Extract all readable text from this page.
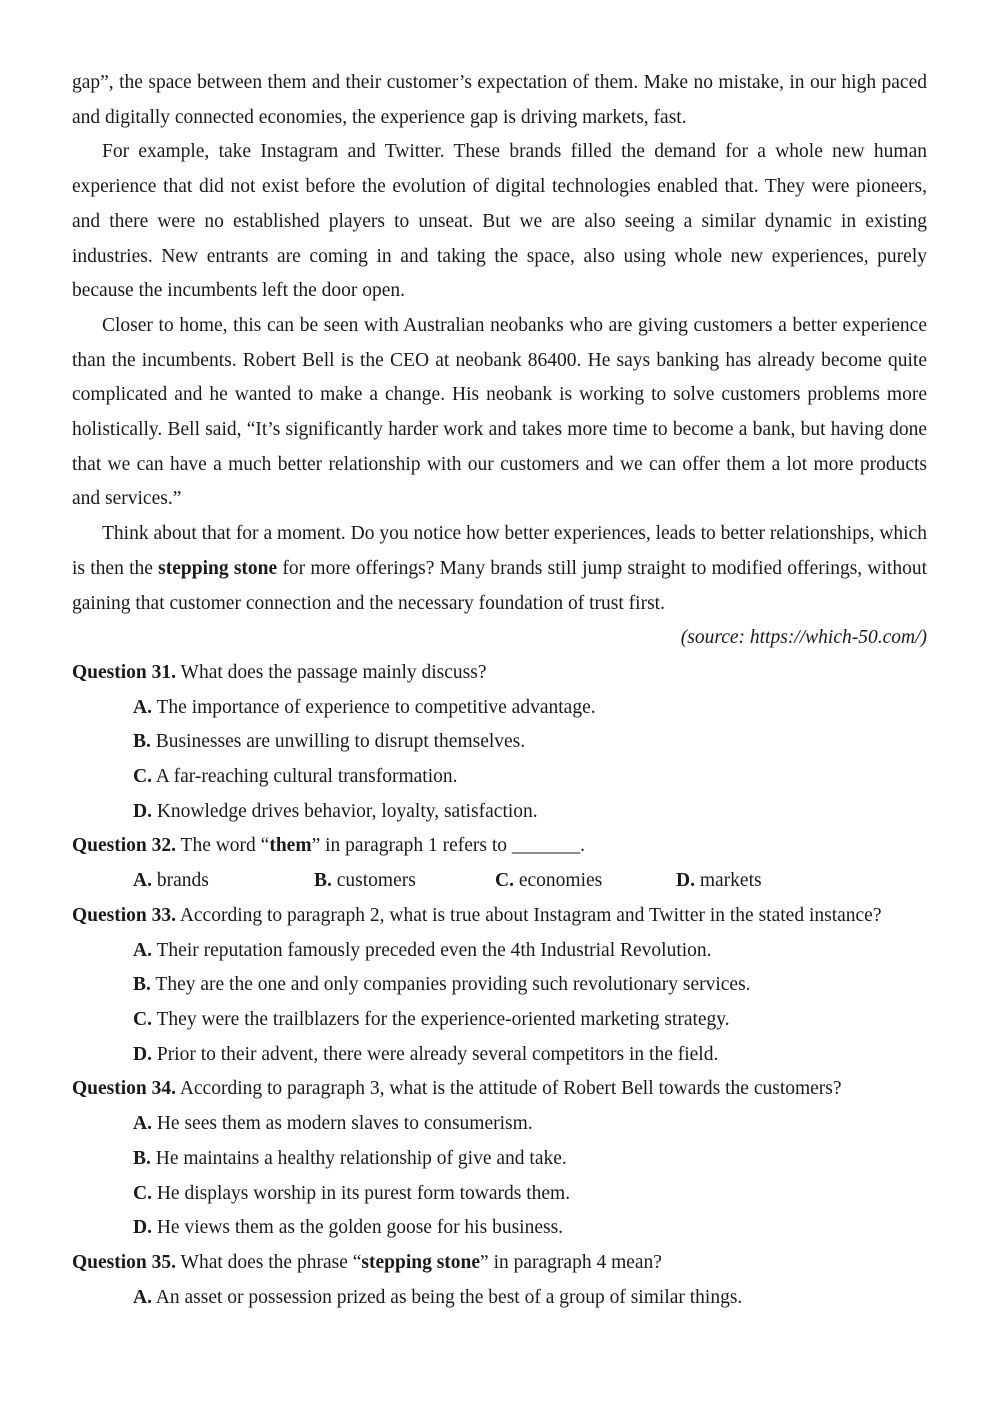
gap”, the space between them and their customer’s expectation of them. Make no mistake, in our high paced and digitally connected economies, the experience gap is driving markets, fast.

For example, take Instagram and Twitter. These brands filled the demand for a whole new human experience that did not exist before the evolution of digital technologies enabled that. They were pioneers, and there were no established players to unseat. But we are also seeing a similar dynamic in existing industries. New entrants are coming in and taking the space, also using whole new experiences, purely because the incumbents left the door open.

Closer to home, this can be seen with Australian neobanks who are giving customers a better experience than the incumbents. Robert Bell is the CEO at neobank 86400. He says banking has already become quite complicated and he wanted to make a change. His neobank is working to solve customers problems more holistically. Bell said, “It’s significantly harder work and takes more time to become a bank, but having done that we can have a much better relationship with our customers and we can offer them a lot more products and services.”

Think about that for a moment. Do you notice how better experiences, leads to better relationships, which is then the stepping stone for more offerings? Many brands still jump straight to modified offerings, without gaining that customer connection and the necessary foundation of trust first.

(source: https://which-50.com/)

Question 31. What does the passage mainly discuss?

A. The importance of experience to competitive advantage.

B. Businesses are unwilling to disrupt themselves.

C. A far-reaching cultural transformation.

D. Knowledge drives behavior, loyalty, satisfaction.

Question 32. The word “them” in paragraph 1 refers to _______.

A. brands	B. customers	C. economies	D. markets

Question 33. According to paragraph 2, what is true about Instagram and Twitter in the stated instance?

A. Their reputation famously preceded even the 4th Industrial Revolution.

B. They are the one and only companies providing such revolutionary services.

C. They were the trailblazers for the experience-oriented marketing strategy.

D. Prior to their advent, there were already several competitors in the field.

Question 34. According to paragraph 3, what is the attitude of Robert Bell towards the customers?

A. He sees them as modern slaves to consumerism.

B. He maintains a healthy relationship of give and take.

C. He displays worship in its purest form towards them.

D. He views them as the golden goose for his business.

Question 35. What does the phrase “stepping stone” in paragraph 4 mean?

A. An asset or possession prized as being the best of a group of similar things.
